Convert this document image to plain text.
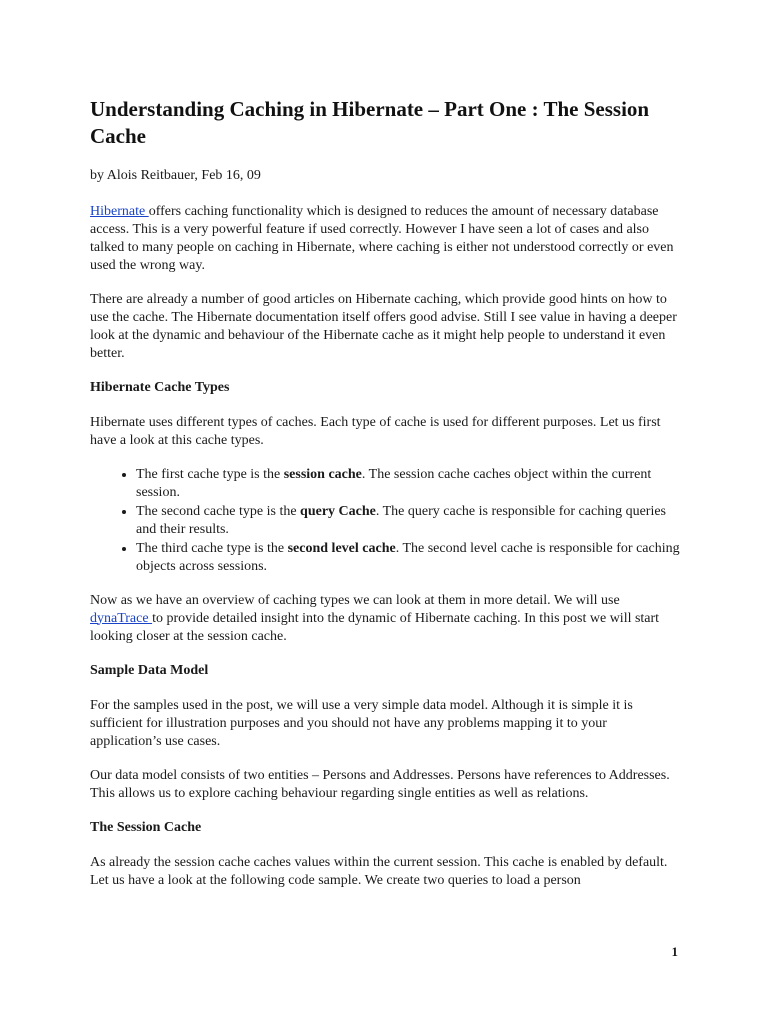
Understanding Caching in Hibernate – Part One : The Session Cache

by Alois Reitbauer, Feb 16, 09

Hibernate offers caching functionality which is designed to reduces the amount of necessary database access. This is a very powerful feature if used correctly. However I have seen a lot of cases and also talked to many people on caching in Hibernate, where caching is either not understood correctly or even used the wrong way.

There are already a number of good articles on Hibernate caching, which provide good hints on how to use the cache. The Hibernate documentation itself offers good advise. Still I see value in having a deeper look at the dynamic and behaviour of the Hibernate cache as it might help people to understand it even better.

Hibernate Cache Types

Hibernate uses different types of caches. Each type of cache is used for different purposes. Let us first have a look at this cache types.

• The first cache type is the session cache. The session cache caches object within the current session.
• The second cache type is the query Cache. The query cache is responsible for caching queries and their results.
• The third cache type is the second level cache. The second level cache is responsible for caching objects across sessions.

Now as we have an overview of caching types we can look at them in more detail. We will use dynaTrace to provide detailed insight into the dynamic of Hibernate caching. In this post we will start looking closer at the session cache.

Sample Data Model

For the samples used in the post, we will use a very simple data model. Although it is simple it is sufficient for illustration purposes and you should not have any problems mapping it to your application’s use cases.

Our data model consists of two entities – Persons and Addresses. Persons have references to Addresses. This allows us to explore caching behaviour regarding single entities as well as relations.

The Session Cache

As already the session cache caches values within the current session. This cache is enabled by default. Let us have a look at the following code sample. We create two queries to load a person

1
